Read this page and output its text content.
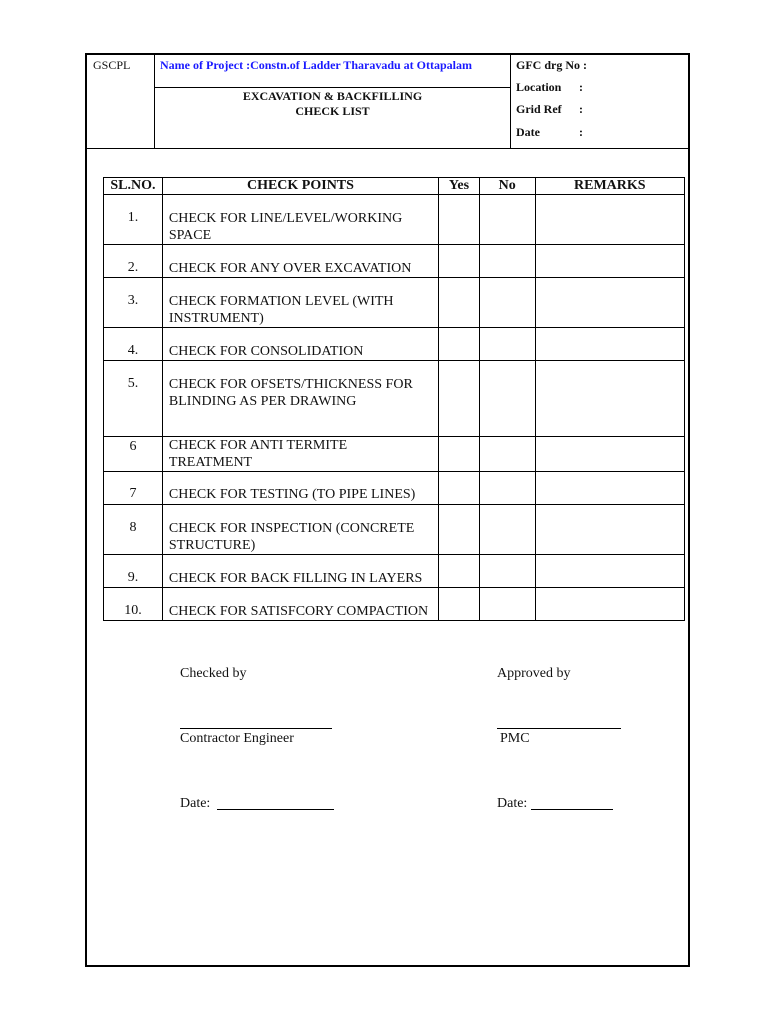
GSCPL Name of Project :Constn.of Ladder Tharavadu at Ottapalam
EXCAVATION & BACKFILLING
CHECK LIST
GFC drg No :
Location :
Grid Ref :
Date	:
SL.NO.	CHECK POINTS	Yes	No	REMARKS
1.	CHECK FOR LINE/LEVEL/WORKING SPACE			
2.	CHECK FOR ANY OVER EXCAVATION			
3.	CHECK FORMATION LEVEL (WITH INSTRUMENT)			
4.	CHECK FOR CONSOLIDATION			
5.	CHECK FOR OFSETS/THICKNESS FOR BLINDING AS PER DRAWING			
6	CHECK FOR ANTI TERMITE TREATMENT			
7	CHECK FOR TESTING (TO PIPE LINES)			
8	CHECK FOR INSPECTION (CONCRETE STRUCTURE)			
9.	CHECK FOR BACK FILLING IN LAYERS			
10.	CHECK FOR SATISFCORY COMPACTION			
Checked by	Approved by
Contractor Engineer	PMC
Date:	Date:
